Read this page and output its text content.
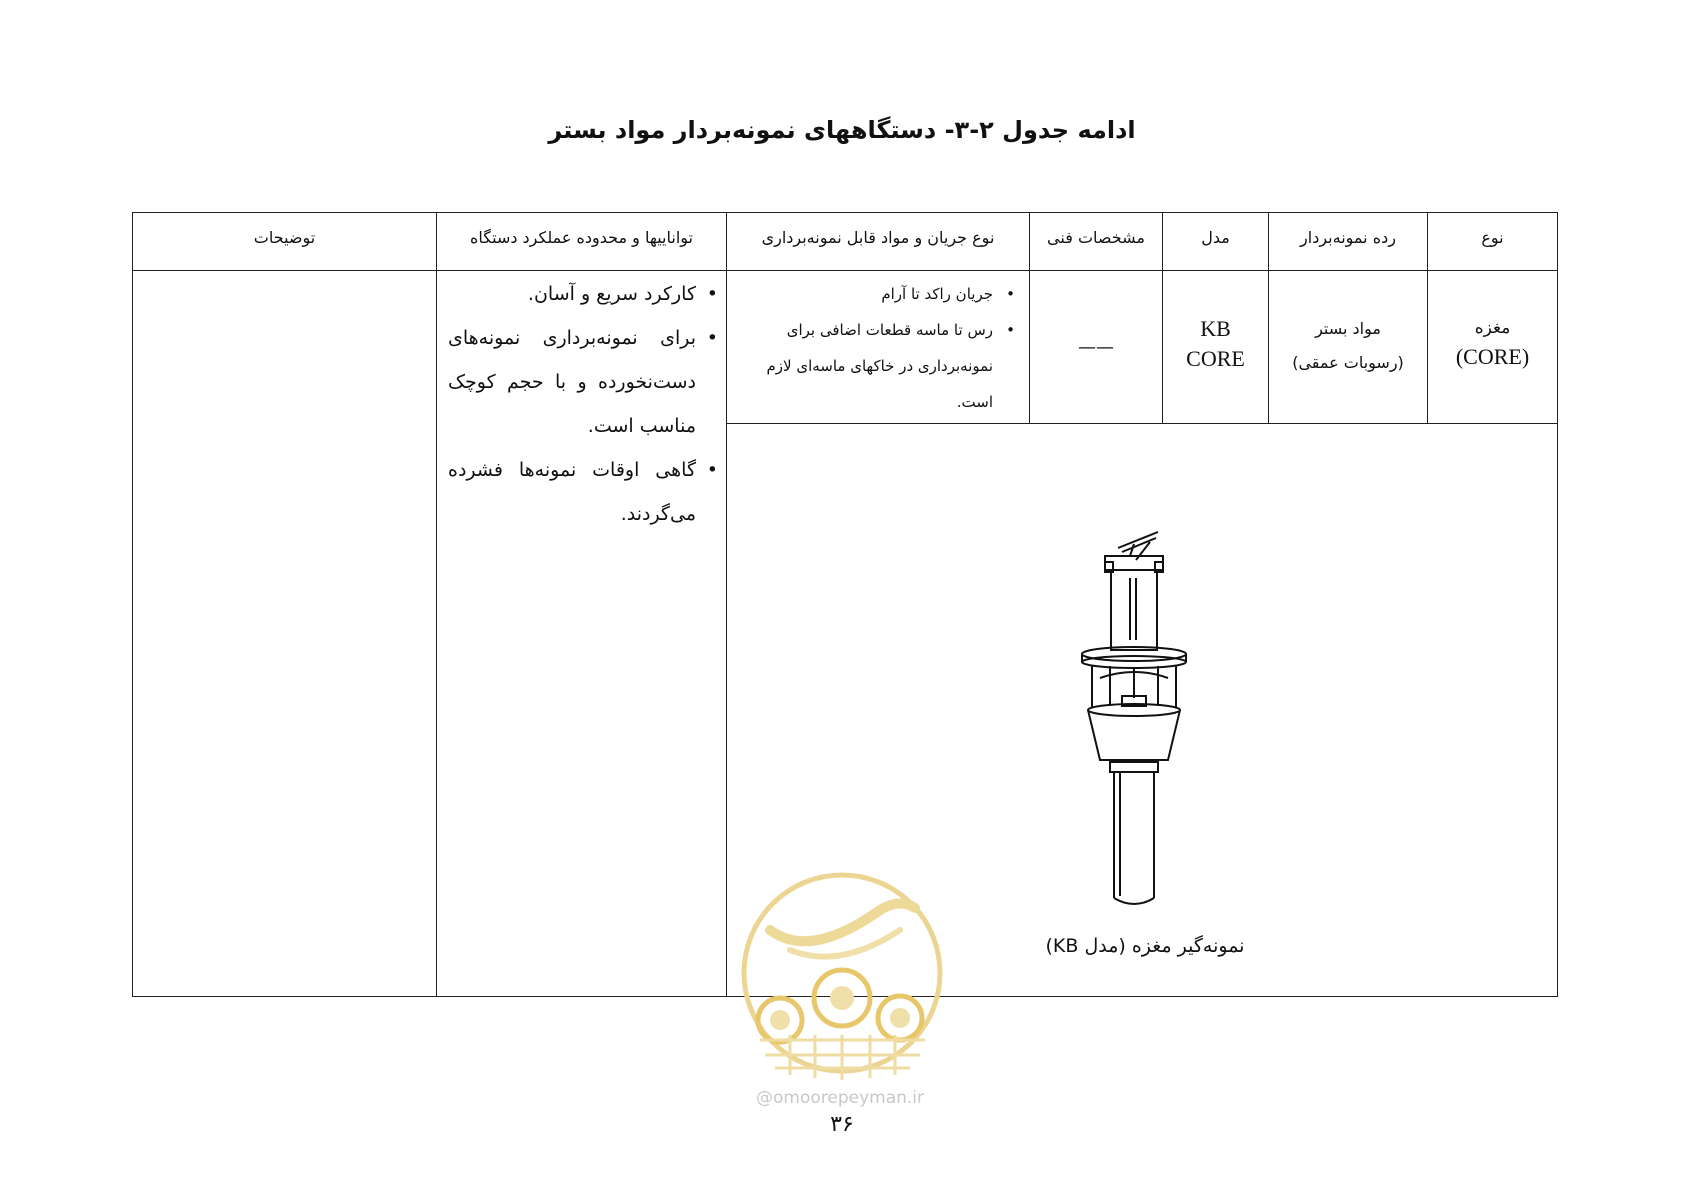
ادامه جدول ۲-۳- دستگاههای نمونه‌بردار مواد بستر
نوع
رده نمونه‌بردار
مدل
مشخصات فنی
نوع جریان و مواد قابل نمونه‌برداری
تواناییها و محدوده عملکرد دستگاه
توضیحات
مغزه
(CORE)
مواد بستر
(رسوبات عمقی)
KB
CORE
——
• جریان راکد تا آرام
• رس تا ماسه قطعات اضافی برای نمونه‌برداری در خاکهای ماسه‌ای لازم است.
• کارکرد سریع و آسان.
• برای نمونه‌برداری نمونه‌های دست‌نخورده و با حجم کوچک مناسب است.
• گاهی اوقات نمونه‌ها فشرده می‌گردند.
نمونه‌گیر مغزه (مدل KB)
@omoorepeyman.ir
۳۶
